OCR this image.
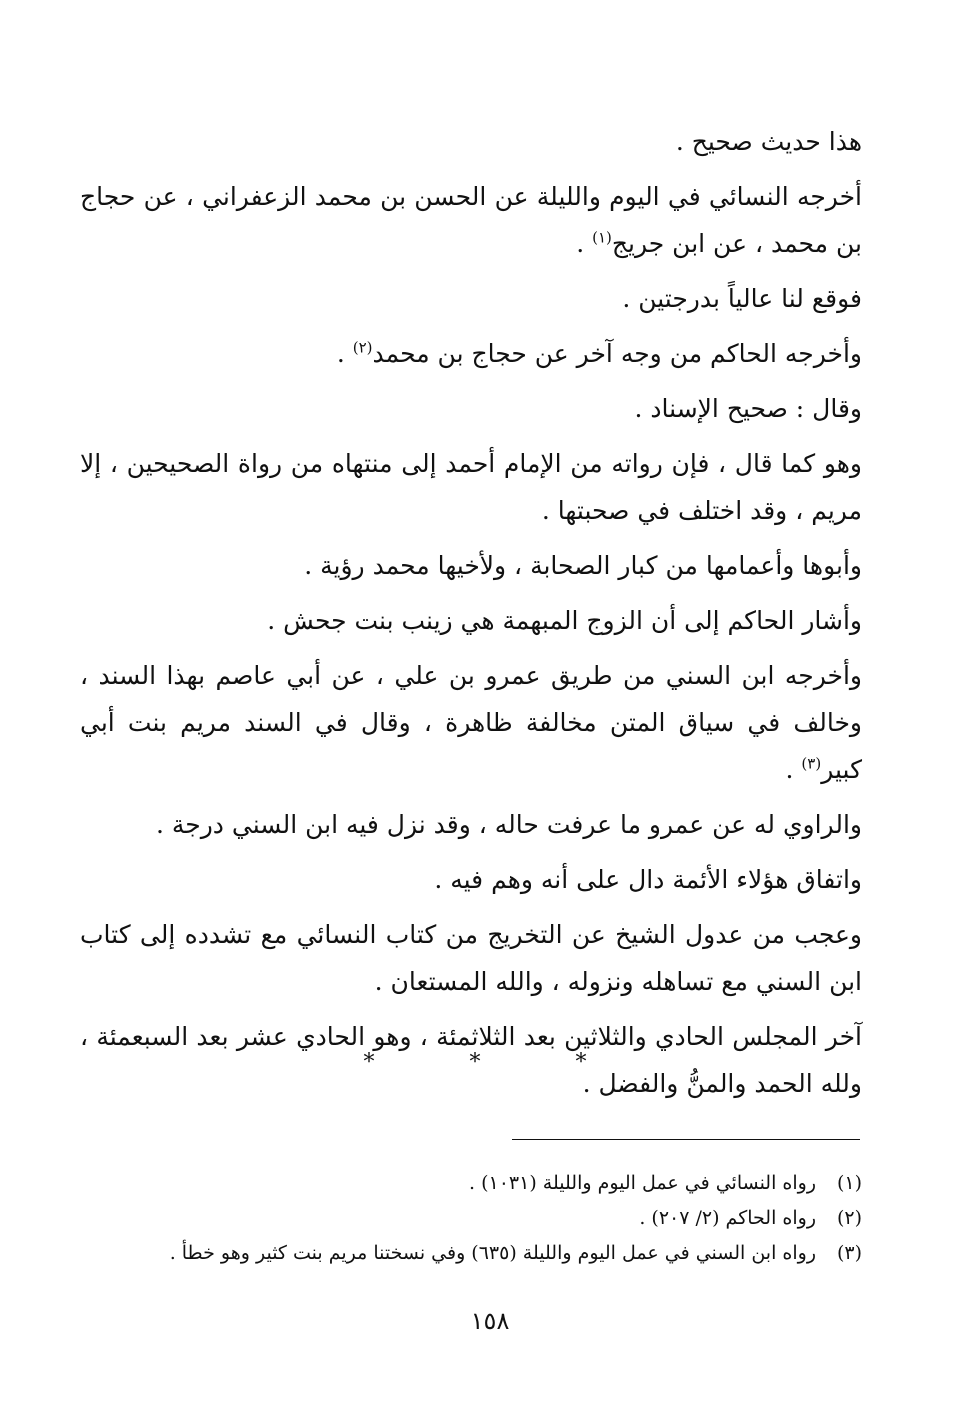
هذا حديث صحيح .

أخرجه النسائي في اليوم والليلة عن الحسن بن محمد الزعفراني ، عن حجاج بن محمد ، عن ابن جريج$^{(١)}$ .

فوقع لنا عالياً بدرجتين .

وأخرجه الحاكم من وجه آخر عن حجاج بن محمد$^{(٢)}$ .

وقال : صحيح الإسناد .

وهو كما قال ، فإن رواته من الإمام أحمد إلى منتهاه من رواة الصحيحين ، إلا مريم ، وقد اختلف في صحبتها .

وأبوها وأعمامها من كبار الصحابة ، ولأخيها محمد رؤية .

وأشار الحاكم إلى أن الزوج المبهمة هي زينب بنت جحش .

وأخرجه ابن السني من طريق عمرو بن علي ، عن أبي عاصم بهذا السند ، وخالف في سياق المتن مخالفة ظاهرة ، وقال في السند مريم بنت أبي كبير$^{(٣)}$ .

والراوي له عن عمرو ما عرفت حاله ، وقد نزل فيه ابن السني درجة .

واتفاق هؤلاء الأئمة دال على أنه وهم فيه .

وعجب من عدول الشيخ عن التخريج من كتاب النسائي مع تشدده إلى كتاب ابن السني مع تساهله ونزوله ، والله المستعان .

آخر المجلس الحادي والثلاثين بعد الثلاثمئة ، وهو الحادي عشر بعد السبعمئة ، ولله الحمد والمنُّ والفضل .

* * *
(١)
رواه النسائي في عمل اليوم والليلة (١٠٣١) .
(٢)
رواه الحاكم (٢/ ٢٠٧) .
(٣)
رواه ابن السني في عمل اليوم والليلة (٦٣٥) وفي نسختنا مريم بنت كثير وهو خطأ .
١٥٨
